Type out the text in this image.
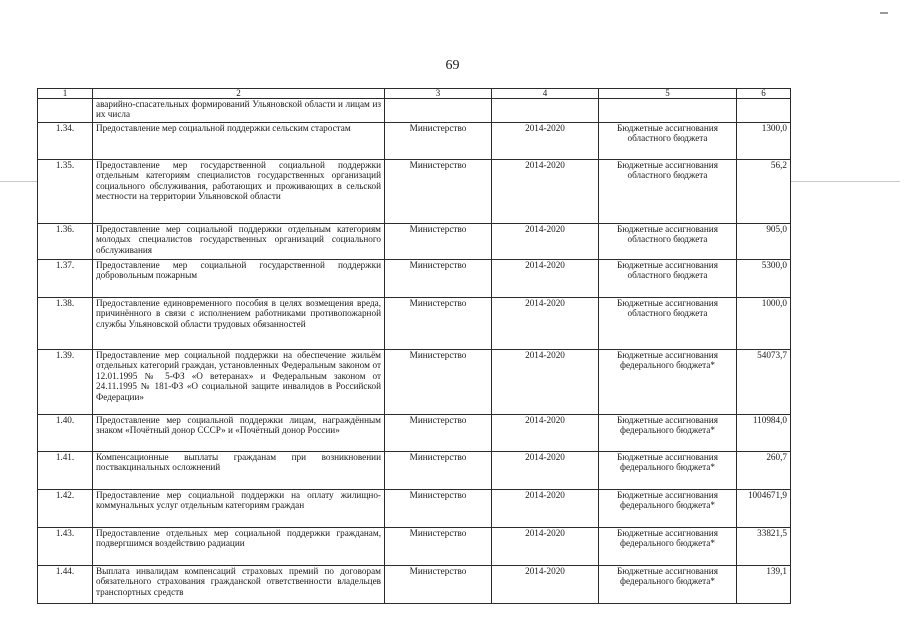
69
1	2	3	4	5	6
	аварийно-спасательных формирований Ульяновской области и лицам из их числа				
1.34.	Предоставление мер социальной поддержки сельским старостам	Министерство	2014-2020	Бюджетные ассигнования областного бюджета	1300,0
1.35.	Предоставление мер государственной социальной поддержки отдельным категориям специалистов государственных организаций социального обслуживания, работающих и проживающих в сельской местности на территории Ульяновской области	Министерство	2014-2020	Бюджетные ассигнования областного бюджета	56,2
1.36.	Предоставление мер социальной поддержки отдельным категориям молодых специалистов государственных организаций социального обслуживания	Министерство	2014-2020	Бюджетные ассигнования областного бюджета	905,0
1.37.	Предоставление мер социальной государственной поддержки добровольным пожарным	Министерство	2014-2020	Бюджетные ассигнования областного бюджета	5300,0
1.38.	Предоставление единовременного пособия в целях возмещения вреда, причинённого в связи с исполнением работниками противопожарной службы Ульяновской области трудовых обязанностей	Министерство	2014-2020	Бюджетные ассигнования областного бюджета	1000,0
1.39.	Предоставление мер социальной поддержки на обеспечение жильём отдельных категорий граждан, установленных Федеральным законом от 12.01.1995 № 5-ФЗ «О ветеранах» и Федеральным законом от 24.11.1995 № 181-ФЗ «О социальной защите инвалидов в Российской Федерации»	Министерство	2014-2020	Бюджетные ассигнования федерального бюджета*	54073,7
1.40.	Предоставление мер социальной поддержки лицам, награждённым знаком «Почётный донор СССР» и «Почётный донор России»	Министерство	2014-2020	Бюджетные ассигнования федерального бюджета*	110984,0
1.41.	Компенсационные выплаты гражданам при возникновении поствакцинальных осложнений	Министерство	2014-2020	Бюджетные ассигнования федерального бюджета*	260,7
1.42.	Предоставление мер социальной поддержки на оплату жилищно-коммунальных услуг отдельным категориям граждан	Министерство	2014-2020	Бюджетные ассигнования федерального бюджета*	1004671,9
1.43.	Предоставление отдельных мер социальной поддержки гражданам, подвергшимся воздействию радиации	Министерство	2014-2020	Бюджетные ассигнования федерального бюджета*	33821,5
1.44.	Выплата инвалидам компенсаций страховых премий по договорам обязательного страхования гражданской ответственности владельцев транспортных средств	Министерство	2014-2020	Бюджетные ассигнования федерального бюджета*	139,1
